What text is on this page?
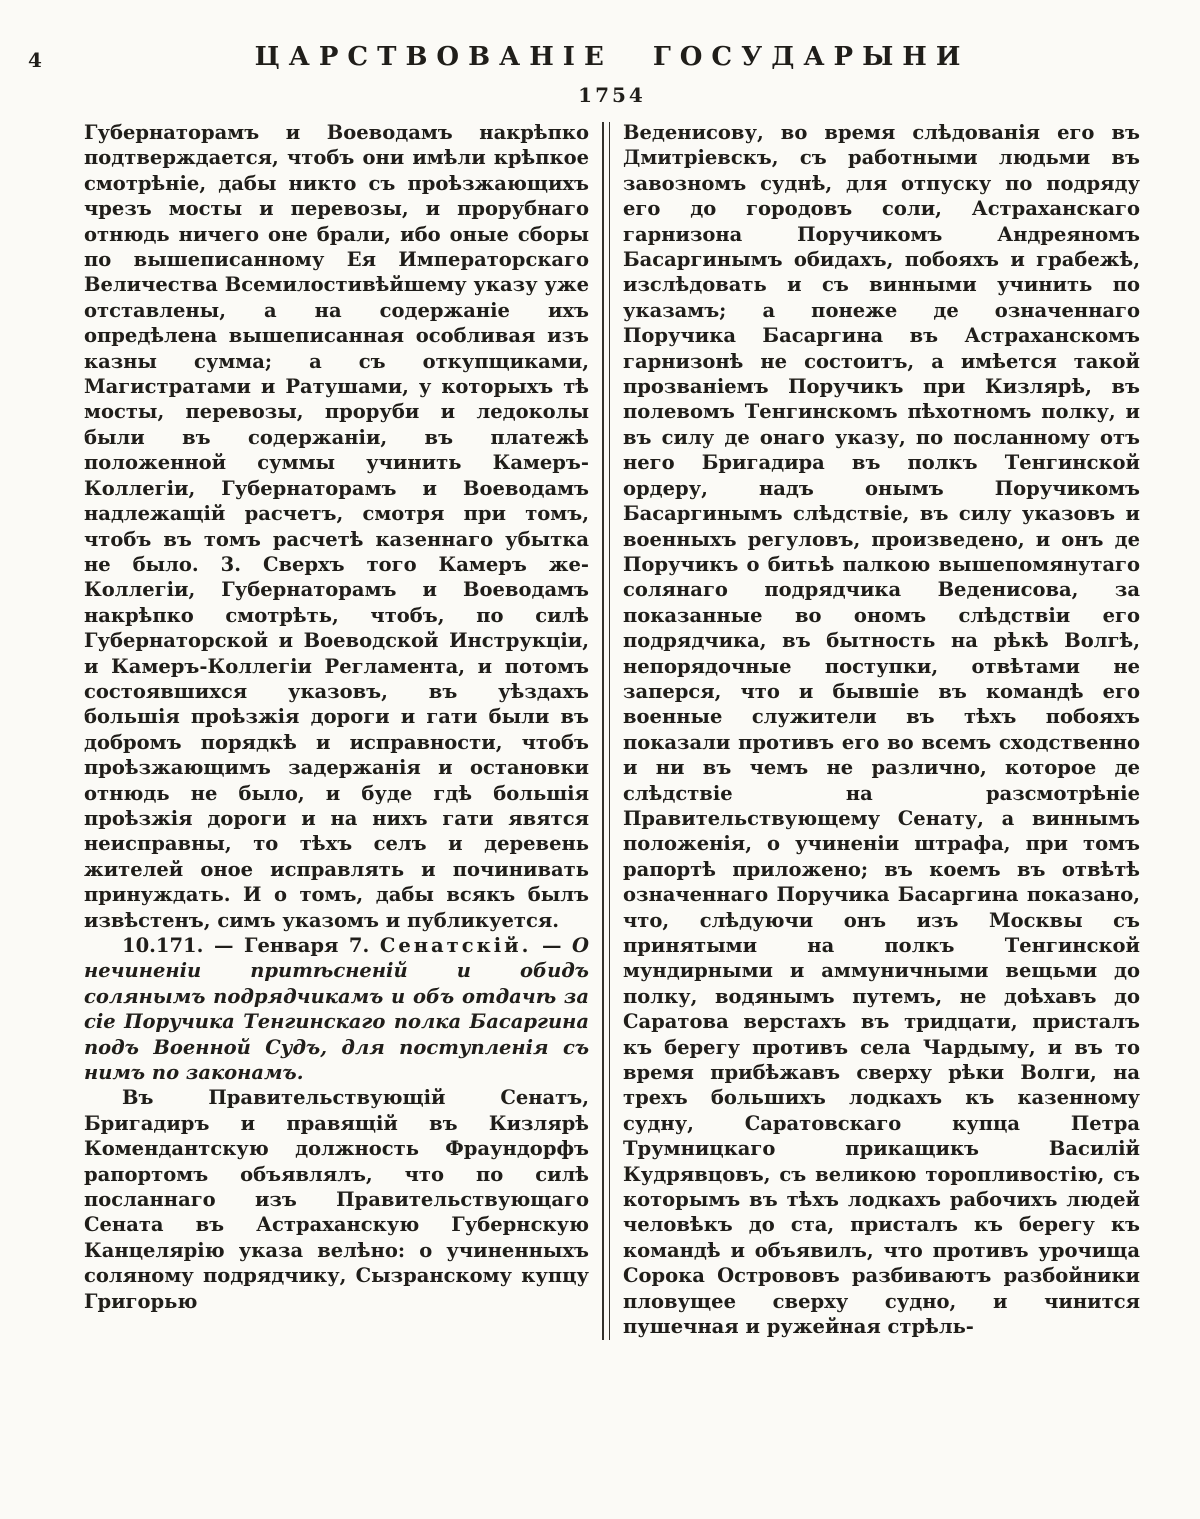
4	ЦАРСТВОВАНІЕ ГОСУДАРЫНИ
1754

Губернаторамъ и Воеводамъ накрѣпко подтверждается, чтобъ они имѣли крѣпкое смотрѣніе, дабы никто съ проѣзжающихъ чрезъ мосты и перевозы, и прорубнаго отнюдь ничего оне брали, ибо оные сборы по вышеписанному Ея Императорскаго Величества Всемилостивѣйшему указу уже отставлены, а на содержаніе ихъ опредѣлена вышеписанная особливая изъ казны сумма; а съ откупщиками, Магистратами и Ратушами, у которыхъ тѣ мосты, перевозы, проруби и ледоколы были въ содержаніи, въ платежѣ положенной суммы учинить Камеръ-Коллегіи, Губернаторамъ и Воеводамъ надлежащій расчетъ, смотря при томъ, чтобъ въ томъ расчетѣ казеннаго убытка не было. 3. Сверхъ того Камеръ же-Коллегіи, Губернаторамъ и Воеводамъ накрѣпко смотрѣть, чтобъ, по силѣ Губернаторской и Воеводской Инструкціи, и Камеръ-Коллегіи Регламента, и потомъ состоявшихся указовъ, въ уѣздахъ большія проѣзжія дороги и гати были въ добромъ порядкѣ и исправности, чтобъ проѣзжающимъ задержанія и остановки отнюдь не было, и буде гдѣ большія проѣзжія дороги и на нихъ гати явятся неисправны, то тѣхъ селъ и деревень жителей оное исправлять и починивать принуждать. И о томъ, дабы всякъ былъ извѣстенъ, симъ указомъ и публикуется.

10.171. — Генваря 7. Сенатскій. — О нечиненіи притѣсненій и обидъ солянымъ подрядчикамъ и объ отдачѣ за сіе Поручика Тенгинскаго полка Басаргина подъ Военной Судъ, для поступленія съ нимъ по законамъ.

Въ Правительствующій Сенатъ, Бригадиръ и правящій въ Кизлярѣ Комендантскую должность Фраундорфъ рапортомъ объявлялъ, что по силѣ посланнаго изъ Правительствующаго Сената въ Астраханскую Губернскую Канцелярію указа велѣно: о учиненныхъ соляному подрядчику, Сызранскому купцу Григорью

Веденисову, во время слѣдованія его въ Дмитріевскъ, съ работными людьми въ завозномъ суднѣ, для отпуску по подряду его до городовъ соли, Астраханскаго гарнизона Поручикомъ Андреяномъ Басаргинымъ обидахъ, побояхъ и грабежѣ, изслѣдовать и съ винными учинить по указамъ; а понеже де означеннаго Поручика Басаргина въ Астраханскомъ гарнизонѣ не состоитъ, а имѣется такой прозваніемъ Поручикъ при Кизлярѣ, въ полевомъ Тенгинскомъ пѣхотномъ полку, и въ силу де онаго указу, по посланному отъ него Бригадира въ полкъ Тенгинской ордеру, надъ онымъ Поручикомъ Басаргинымъ слѣдствіе, въ силу указовъ и военныхъ регуловъ, произведено, и онъ де Поручикъ о битьѣ палкою вышепомянутаго солянаго подрядчика Веденисова, за показанные во ономъ слѣдствіи его подрядчика, въ бытность на рѣкѣ Волгѣ, непорядочные поступки, отвѣтами не заперся, что и бывшіе въ командѣ его военные служители въ тѣхъ побояхъ показали противъ его во всемъ сходственно и ни въ чемъ не различно, которое де слѣдствіе на разсмотрѣніе Правительствующему Сенату, а виннымъ положенія, о учиненіи штрафа, при томъ рапортѣ приложено; въ коемъ въ отвѣтѣ означеннаго Поручика Басаргина показано, что, слѣдуючи онъ изъ Москвы съ принятыми на полкъ Тенгинской мундирными и аммуничными вещьми до полку, водянымъ путемъ, не доѣхавъ до Саратова верстахъ въ тридцати, присталъ къ берегу противъ села Чардыму, и въ то время прибѣжавъ сверху рѣки Волги, на трехъ большихъ лодкахъ къ казенному судну, Саратовскаго купца Петра Трумницкаго прикащикъ Василій Кудрявцовъ, съ великою торопливостію, съ которымъ въ тѣхъ лодкахъ рабочихъ людей человѣкъ до ста, присталъ къ берегу къ командѣ и объявилъ, что противъ урочища Сорока Острововъ разбиваютъ разбойники пловущее сверху судно, и чинится пушечная и ружейная стрѣль-
